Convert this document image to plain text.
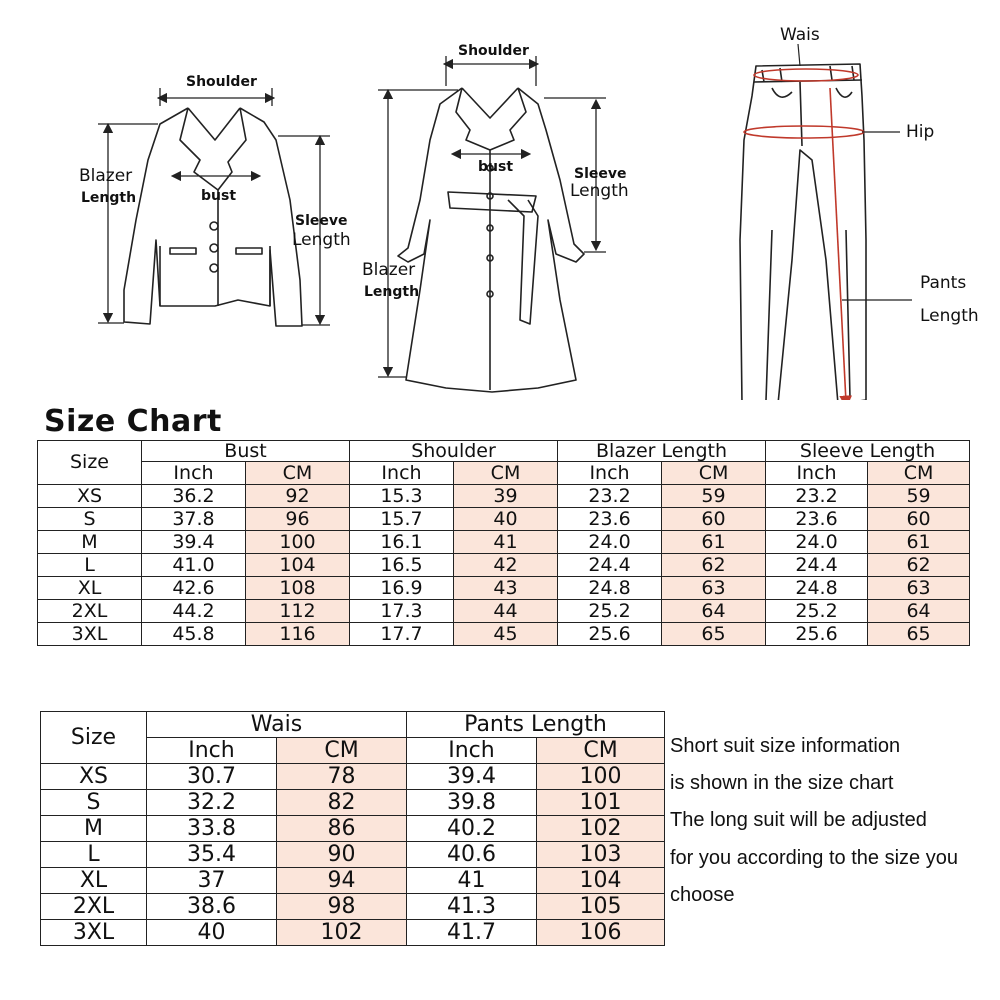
Shoulder
Blazer
Length	bust
Sleeve
Length
Shoulder
bust	Sleeve
Length
Blazer
Length
Wais
Hip
Pants
Length
Size Chart
Size	Bust		Shoulder		Blazer Length		Sleeve Length	
	Inch	CM	Inch	CM	Inch	CM	Inch	CM
XS	36.2	92	15.3	39	23.2	59	23.2	59
S	37.8	96	15.7	40	23.6	60	23.6	60
M	39.4	100	16.1	41	24.0	61	24.0	61
L	41.0	104	16.5	42	24.4	62	24.4	62
XL	42.6	108	16.9	43	24.8	63	24.8	63
2XL	44.2	112	17.3	44	25.2	64	25.2	64
3XL	45.8	116	17.7	45	25.6	65	25.6	65
Size	Wais		Pants Length	
	Inch	CM	Inch	CM
XS	30.7	78	39.4	100
S	32.2	82	39.8	101
M	33.8	86	40.2	102
L	35.4	90	40.6	103
XL	37	94	41	104
2XL	38.6	98	41.3	105
3XL	40	102	41.7	106
Short suit size information
is shown in the size chart
The long suit will be adjusted
for you according to the size you
choose
